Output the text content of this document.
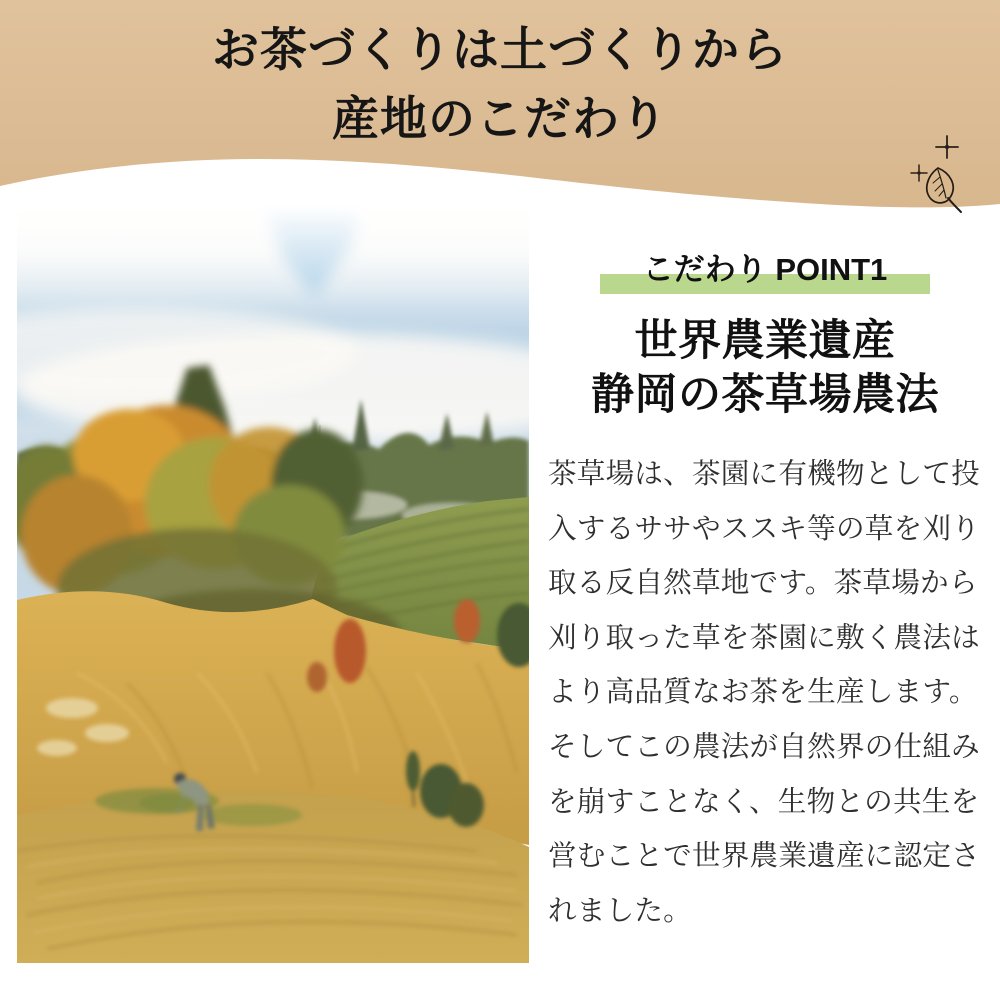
お茶づくりは土づくりから
産地のこだわり
こだわり POINT1
世界農業遺産
静岡の茶草場農法
茶草場は、茶園に有機物として投
入するササやススキ等の草を刈り
取る反自然草地です。茶草場から
刈り取った草を茶園に敷く農法は
より高品質なお茶を生産します。
そしてこの農法が自然界の仕組み
を崩すことなく、生物との共生を
営むことで世界農業遺産に認定さ
れました。
